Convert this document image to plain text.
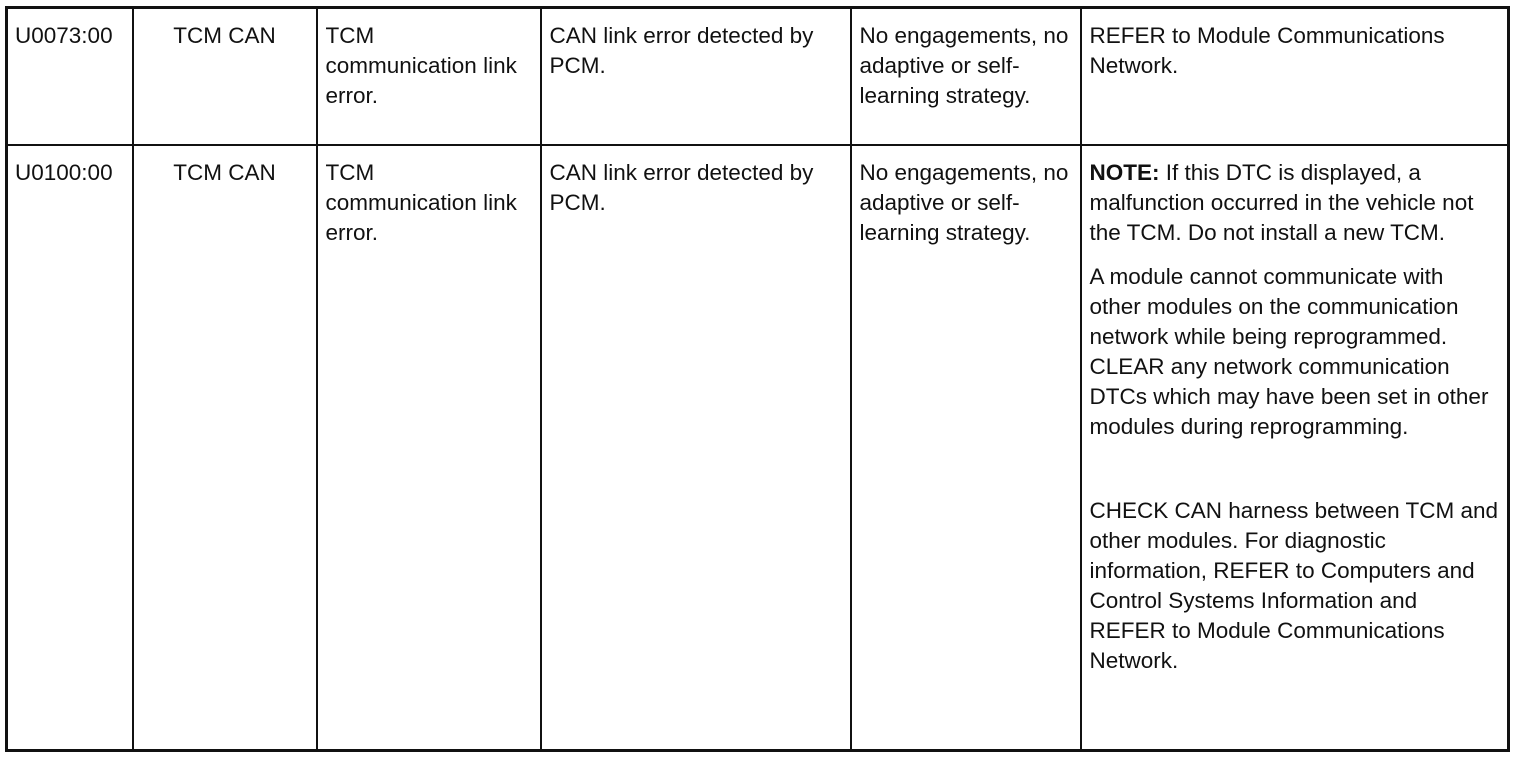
U0073:00	TCM CAN	TCM communication link error.	CAN link error detected by PCM.	No engagements, no adaptive or self-learning strategy.	REFER to Module Communications Network.

U0100:00	TCM CAN	TCM communication link error.	CAN link error detected by PCM.	No engagements, no adaptive or self-learning strategy.	NOTE: If this DTC is displayed, a malfunction occurred in the vehicle not the TCM. Do not install a new TCM.

A module cannot communicate with other modules on the communication network while being reprogrammed. CLEAR any network communication DTCs which may have been set in other modules during reprogramming.

CHECK CAN harness between TCM and other modules. For diagnostic information, REFER to Computers and Control Systems Information and REFER to Module Communications Network.
